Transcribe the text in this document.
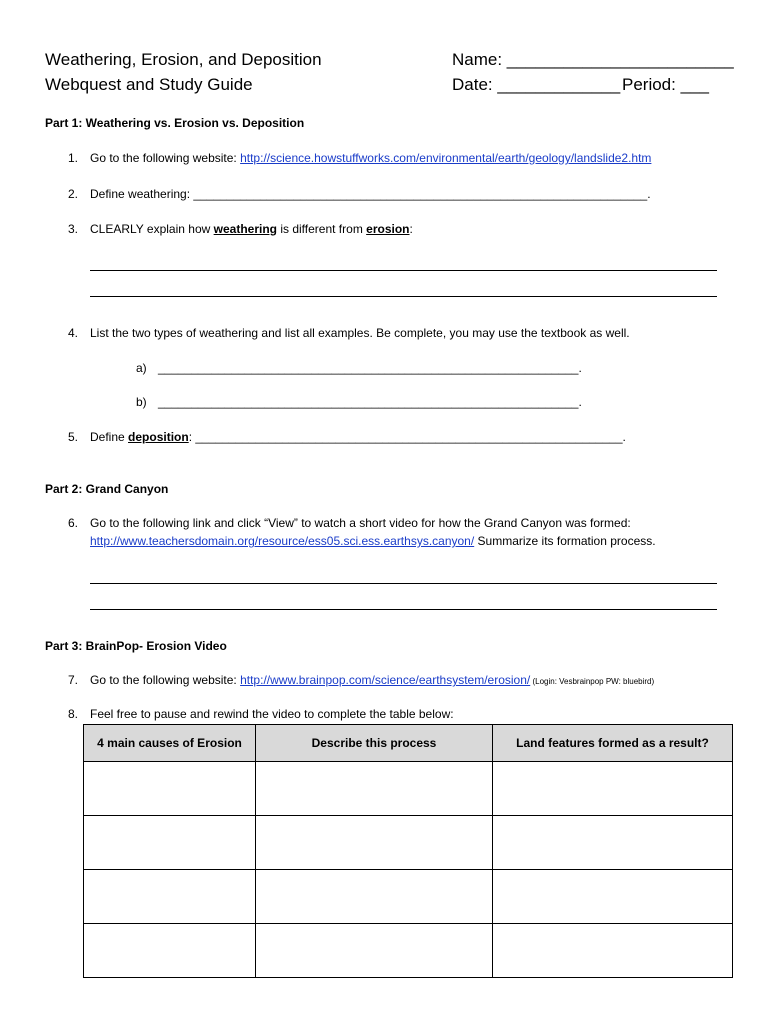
Weathering, Erosion, and Deposition
Webquest and Study Guide
Name: ________________________
Date: _____________ Period: ___
Part 1: Weathering vs. Erosion vs. Deposition
1. Go to the following website: http://science.howstuffworks.com/environmental/earth/geology/landslide2.htm
2. Define weathering: ____________________________________________________________________.
3. CLEARLY explain how weathering is different from erosion:
4. List the two types of weathering and list all examples. Be complete, you may use the textbook as well.
a) _______________________________________________________________.
b) _______________________________________________________________.
5. Define deposition: ________________________________________________________________.
Part 2: Grand Canyon
6. Go to the following link and click “View” to watch a short video for how the Grand Canyon was formed:
http://www.teachersdomain.org/resource/ess05.sci.ess.earthsys.canyon/ Summarize its formation process.
Part 3: BrainPop- Erosion Video
7. Go to the following website: http://www.brainpop.com/science/earthsystem/erosion/ (Login: Vesbrainpop PW: bluebird)
8. Feel free to pause and rewind the video to complete the table below:
4 main causes of Erosion	Describe this process	Land features formed as a result?
